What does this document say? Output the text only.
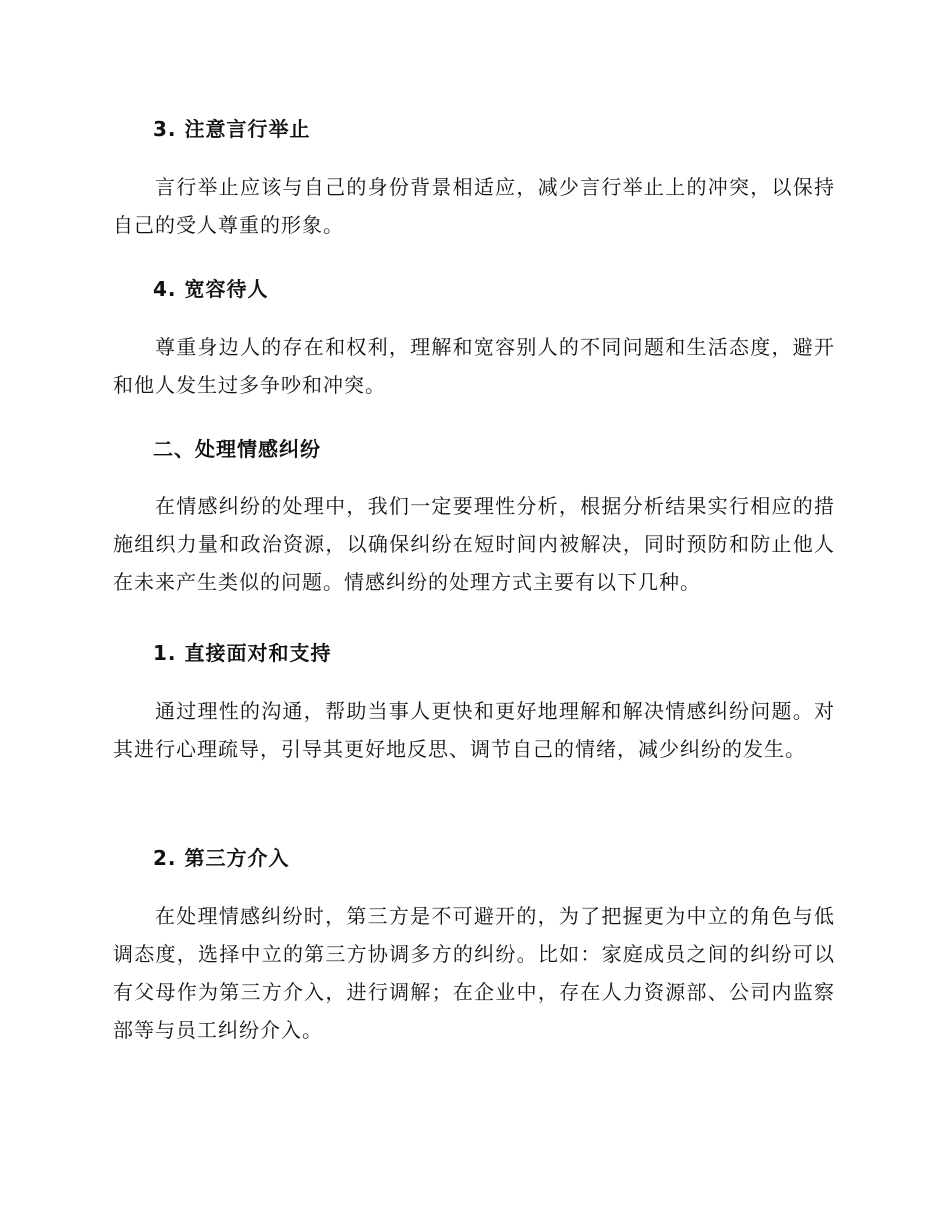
3. 注意言行举止
言行举止应该与自己的身份背景相适应，减少言行举止上的冲突，以保持自己的受人尊重的形象。
4. 宽容待人
尊重身边人的存在和权利，理解和宽容别人的不同问题和生活态度，避开和他人发生过多争吵和冲突。
二、处理情感纠纷
在情感纠纷的处理中，我们一定要理性分析，根据分析结果实行相应的措施组织力量和政治资源，以确保纠纷在短时间内被解决，同时预防和防止他人在未来产生类似的问题。情感纠纷的处理方式主要有以下几种。
1. 直接面对和支持
通过理性的沟通，帮助当事人更快和更好地理解和解决情感纠纷问题。对其进行心理疏导，引导其更好地反思、调节自己的情绪，减少纠纷的发生。
2. 第三方介入
在处理情感纠纷时，第三方是不可避开的，为了把握更为中立的角色与低调态度，选择中立的第三方协调多方的纠纷。比如：家庭成员之间的纠纷可以有父母作为第三方介入，进行调解；在企业中，存在人力资源部、公司内监察部等与员工纠纷介入。
